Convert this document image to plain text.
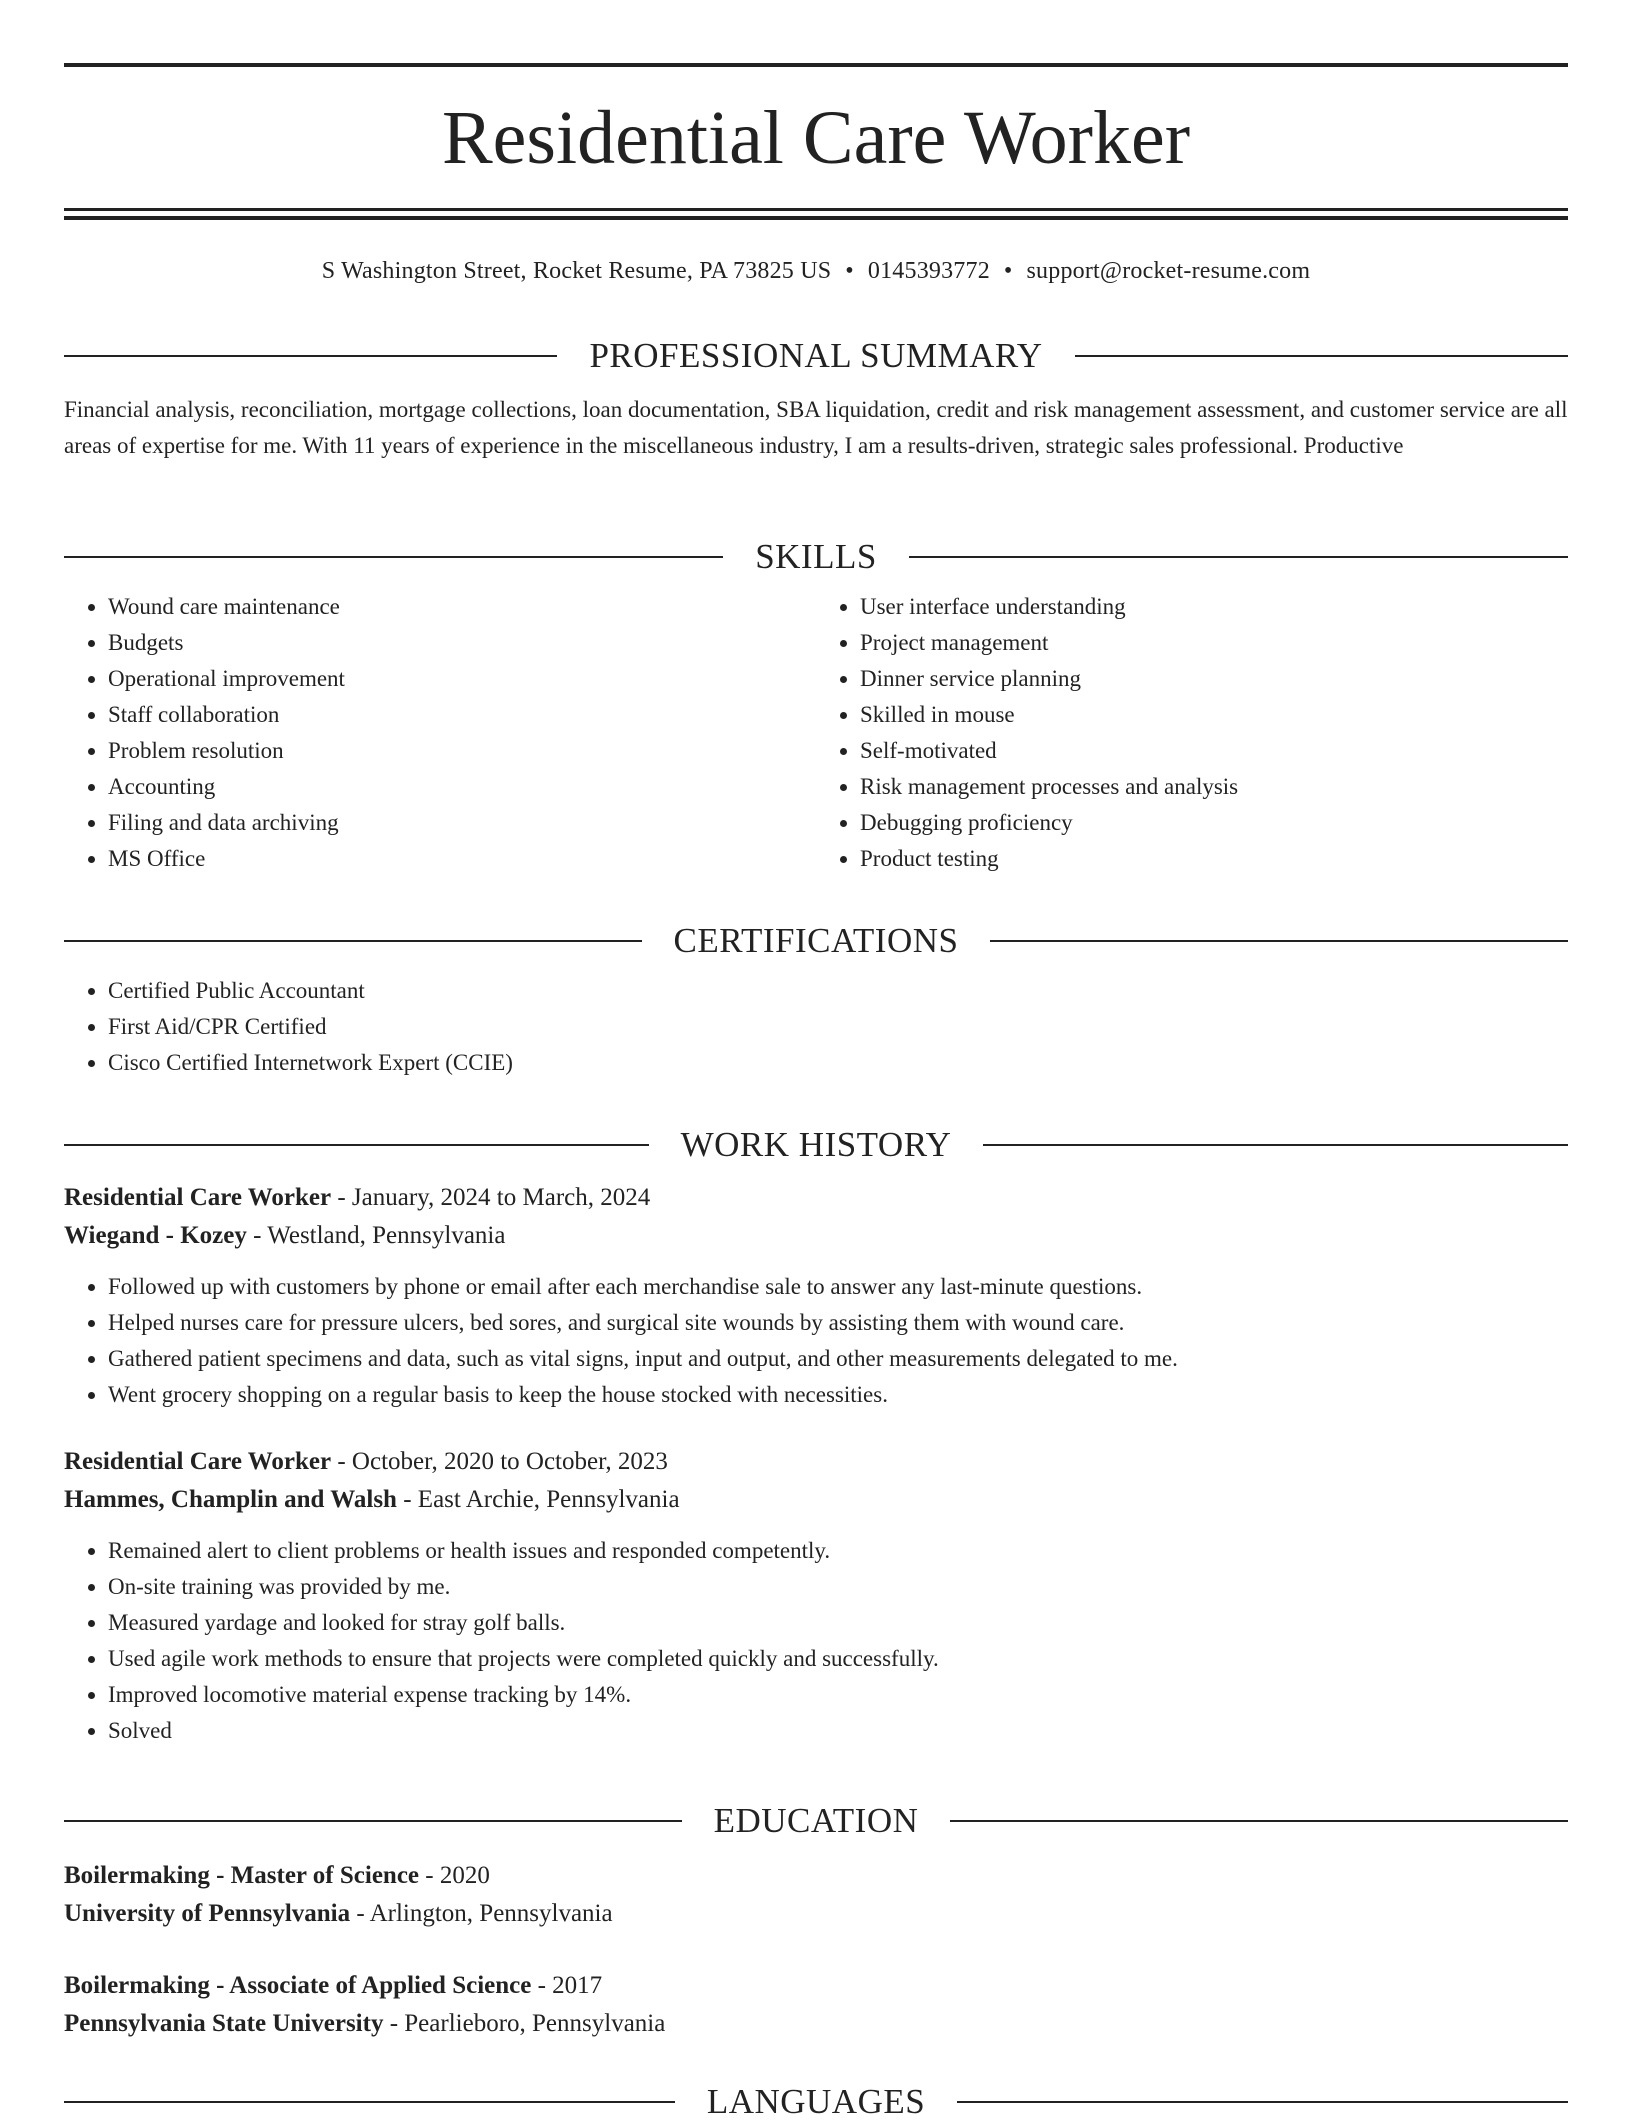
Residential Care Worker
S Washington Street, Rocket Resume, PA 73825 US • 0145393772 • support@rocket-resume.com
PROFESSIONAL SUMMARY

Financial analysis, reconciliation, mortgage collections, loan documentation, SBA liquidation, credit and risk management assessment, and customer service are all areas of expertise for me. With 11 years of experience in the miscellaneous industry, I am a results-driven, strategic sales professional. Productive

SKILLS
• Wound care maintenance
• Budgets
• Operational improvement
• Staff collaboration
• Problem resolution
• Accounting
• Filing and data archiving
• MS Office
• User interface understanding
• Project management
• Dinner service planning
• Skilled in mouse
• Self-motivated
• Risk management processes and analysis
• Debugging proficiency
• Product testing
CERTIFICATIONS
• Certified Public Accountant
• First Aid/CPR Certified
• Cisco Certified Internetwork Expert (CCIE)
WORK HISTORY

Residential Care Worker - January, 2024 to March, 2024

Wiegand - Kozey - Westland, Pennsylvania

• Followed up with customers by phone or email after each merchandise sale to answer any last-minute questions.
• Helped nurses care for pressure ulcers, bed sores, and surgical site wounds by assisting them with wound care.
• Gathered patient specimens and data, such as vital signs, input and output, and other measurements delegated to me.
• Went grocery shopping on a regular basis to keep the house stocked with necessities.

Residential Care Worker - October, 2020 to October, 2023

Hammes, Champlin and Walsh - East Archie, Pennsylvania

• Remained alert to client problems or health issues and responded competently.
• On-site training was provided by me.
• Measured yardage and looked for stray golf balls.
• Used agile work methods to ensure that projects were completed quickly and successfully.
• Improved locomotive material expense tracking by 14%.
• Solved
EDUCATION

Boilermaking - Master of Science - 2020

University of Pennsylvania - Arlington, Pennsylvania

Boilermaking - Associate of Applied Science - 2017

Pennsylvania State University - Pearlieboro, Pennsylvania

LANGUAGES
